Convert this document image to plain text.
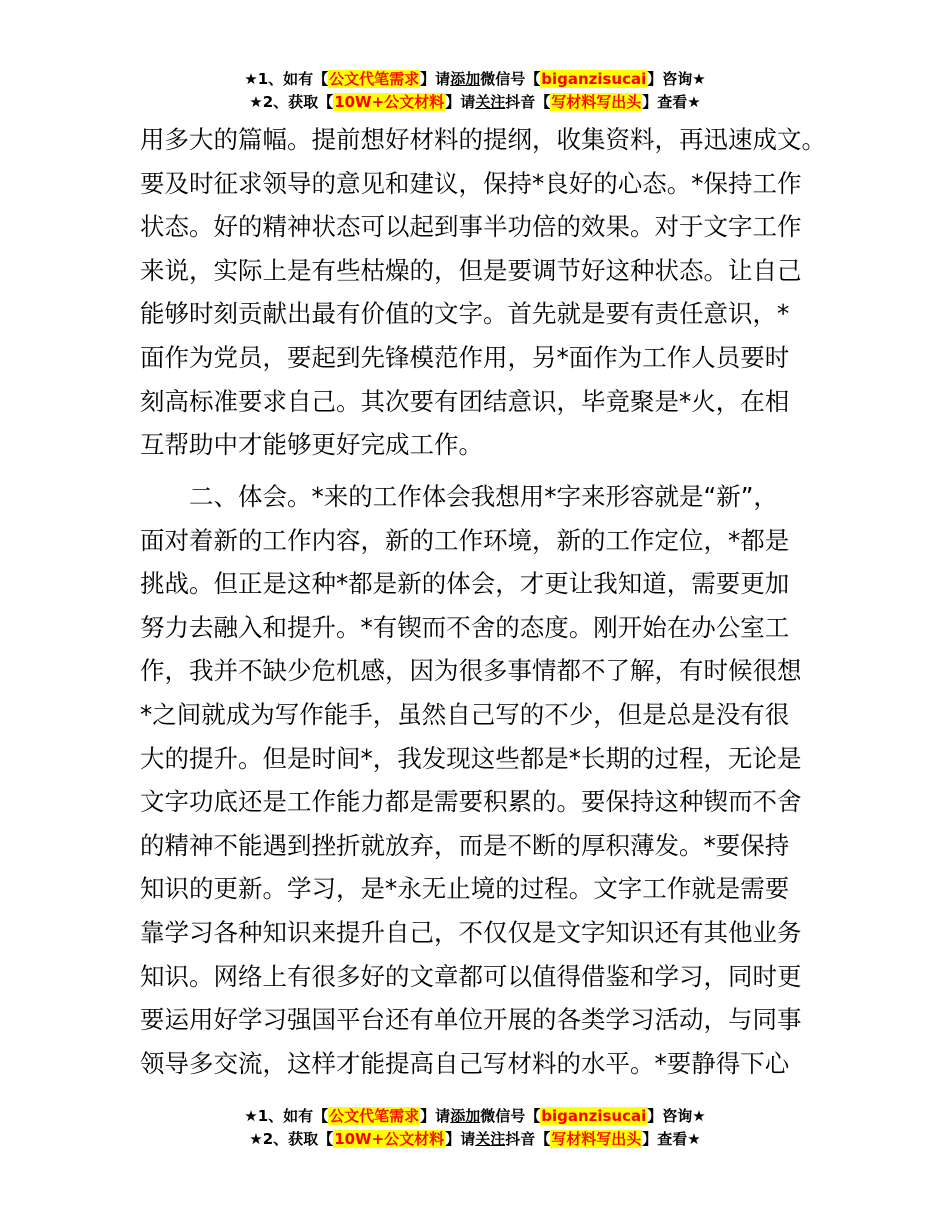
★1、如有【公文代笔需求】请添加微信号【biganzisucai】咨询★
★2、获取【10W+公文材料】请关注抖音【写材料写出头】查看★
用多大的篇幅。提前想好材料的提纲，收集资料，再迅速成文。
要及时征求领导的意见和建议，保持*良好的心态。*保持工作
状态。好的精神状态可以起到事半功倍的效果。对于文字工作
来说，实际上是有些枯燥的，但是要调节好这种状态。让自己
能够时刻贡献出最有价值的文字。首先就是要有责任意识，*
面作为党员，要起到先锋模范作用，另*面作为工作人员要时
刻高标准要求自己。其次要有团结意识，毕竟聚是*火，在相
互帮助中才能够更好完成工作。
　　二、体会。*来的工作体会我想用*字来形容就是“新”，
面对着新的工作内容，新的工作环境，新的工作定位，*都是
挑战。但正是这种*都是新的体会，才更让我知道，需要更加
努力去融入和提升。*有锲而不舍的态度。刚开始在办公室工
作，我并不缺少危机感，因为很多事情都不了解，有时候很想
*之间就成为写作能手，虽然自己写的不少，但是总是没有很
大的提升。但是时间*，我发现这些都是*长期的过程，无论是
文字功底还是工作能力都是需要积累的。要保持这种锲而不舍
的精神不能遇到挫折就放弃，而是不断的厚积薄发。*要保持
知识的更新。学习，是*永无止境的过程。文字工作就是需要
靠学习各种知识来提升自己，不仅仅是文字知识还有其他业务
知识。网络上有很多好的文章都可以值得借鉴和学习，同时更
要运用好学习强国平台还有单位开展的各类学习活动，与同事
领导多交流，这样才能提高自己写材料的水平。*要静得下心
★1、如有【公文代笔需求】请添加微信号【biganzisucai】咨询★
★2、获取【10W+公文材料】请关注抖音【写材料写出头】查看★
